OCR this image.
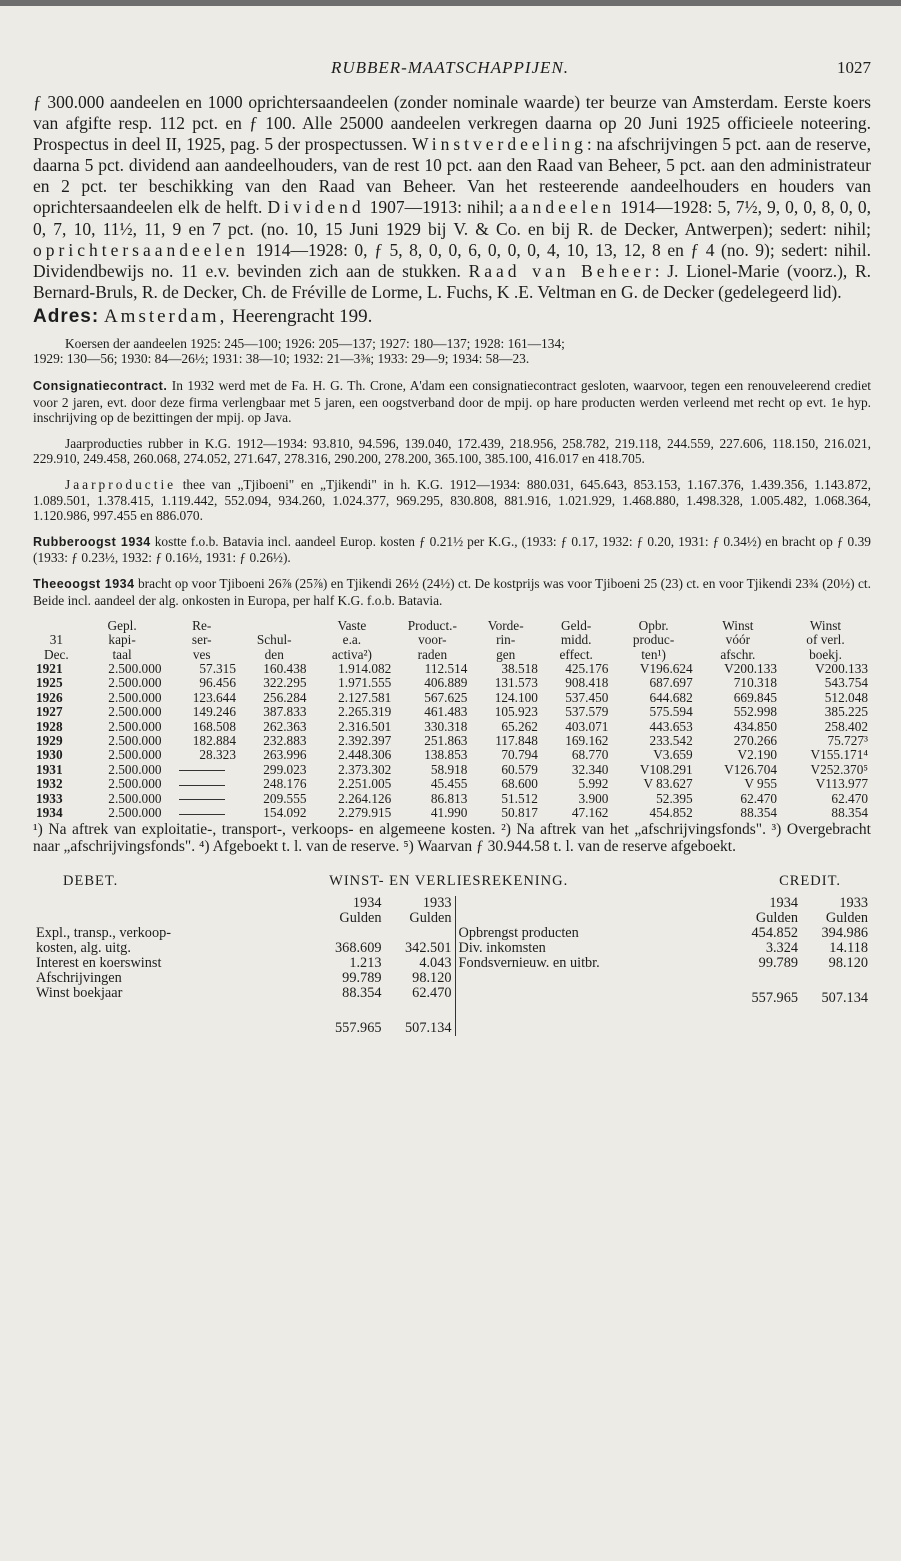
RUBBER-MAATSCHAPPIJEN.	1027

ƒ 300.000 aandeelen en 1000 oprichtersaandeelen (zonder nominale waarde) ter beurze van Amsterdam. Eerste koers van afgifte resp. 112 pct. en ƒ 100. Alle 25000 aandeelen verkregen daarna op 20 Juni 1925 officieele noteering. Prospectus in deel II, 1925, pag. 5 der prospectussen. Winstverdeeling: na afschrijvingen 5 pct. aan de reserve, daarna 5 pct. dividend aan aandeelhouders, van de rest 10 pct. aan den Raad van Beheer, 5 pct. aan den administrateur en 2 pct. ter beschikking van den Raad van Beheer. Van het resteerende aandeelhouders en houders van oprichtersaandeelen elk de helft. Dividend 1907—1913: nihil; aandeelen 1914—1928: 5, 7½, 9, 0, 0, 8, 0, 0, 0, 7, 10, 11½, 11, 9 en 7 pct. (no. 10, 15 Juni 1929 bij V. & Co. en bij R. de Decker, Antwerpen); sedert: nihil; oprichtersaandeelen 1914—1928: 0, ƒ 5, 8, 0, 0, 6, 0, 0, 0, 4, 10, 13, 12, 8 en ƒ 4 (no. 9); sedert: nihil. Dividendbewijs no. 11 e.v. bevinden zich aan de stukken. Raad van Beheer: J. Lionel-Marie (voorz.), R. Bernard-Bruls, R. de Decker, Ch. de Fréville de Lorme, L. Fuchs, K .E. Veltman en G. de Decker (gedelegeerd lid).

Adres: Amsterdam, Heerengracht 199.

Koersen der aandeelen 1925: 245—100; 1926: 205—137; 1927: 180—137; 1928: 161—134;
1929: 130—56; 1930: 84—26½; 1931: 38—10; 1932: 21—3⅜; 1933: 29—9; 1934: 58—23.

Consignatiecontract. In 1932 werd met de Fa. H. G. Th. Crone, A'dam een consignatiecontract gesloten, waarvoor, tegen een renouveleerend crediet voor 2 jaren, evt. door deze firma verlengbaar met 5 jaren, een oogstverband door de mpij. op hare producten werden verleend met recht op evt. 1e hyp. inschrijving op de bezittingen der mpij. op Java.

Jaarproducties rubber in K.G. 1912—1934: 93.810, 94.596, 139.040, 172.439, 218.956, 258.782, 219.118, 244.559, 227.606, 118.150, 216.021, 229.910, 249.458, 260.068, 274.052, 271.647, 278.316, 290.200, 278.200, 365.100, 385.100, 416.017 en 418.705.

Jaarproductie thee van „Tjiboeni" en „Tjikendi" in h. K.G. 1912—1934: 880.031, 645.643, 853.153, 1.167.376, 1.439.356, 1.143.872, 1.089.501, 1.378.415, 1.119.442, 552.094, 934.260, 1.024.377, 969.295, 830.808, 881.916, 1.021.929, 1.468.880, 1.498.328, 1.005.482, 1.068.364, 1.120.986, 997.455 en 886.070.

Rubberoogst 1934 kostte f.o.b. Batavia incl. aandeel Europ. kosten ƒ 0.21½ per K.G., (1933: ƒ 0.17, 1932: ƒ 0.20, 1931: ƒ 0.34½) en bracht op ƒ 0.39 (1933: ƒ 0.23½, 1932: ƒ 0.16½, 1931: ƒ 0.26½).

Theeoogst 1934 bracht op voor Tjiboeni 26⅞ (25⅞) en Tjikendi 26½ (24½) ct. De kostprijs was voor Tjiboeni 25 (23) ct. en voor Tjikendi 23¾ (20½) ct. Beide incl. aandeel der alg. onkosten in Europa, per half K.G. f.o.b. Batavia.

	Gepl.	Re-		Vaste	Product.-	Vorde-	Geld-	Opbr.	Winst	Winst
31	kapi-	ser-	Schul-	e.a.	voor-	rin-	midd.	produc-	vóór	of verl.
Dec.	taal	ves	den	activa²)	raden	gen	effect.	ten¹)	afschr.	boekj.
1921	2.500.000	57.315	160.438	1.914.082	112.514	38.518	425.176	V196.624	V200.133	V200.133
1925	2.500.000	96.456	322.295	1.971.555	406.889	131.573	908.418	687.697	710.318	543.754
1926	2.500.000	123.644	256.284	2.127.581	567.625	124.100	537.450	644.682	669.845	512.048
1927	2.500.000	149.246	387.833	2.265.319	461.483	105.923	537.579	575.594	552.998	385.225
1928	2.500.000	168.508	262.363	2.316.501	330.318	65.262	403.071	443.653	434.850	258.402
1929	2.500.000	182.884	232.883	2.392.397	251.863	117.848	169.162	233.542	270.266	75.727³
1930	2.500.000	28.323	263.996	2.448.306	138.853	70.794	68.770	V3.659	V2.190	V155.171⁴
1931	2.500.000		299.023	2.373.302	58.918	60.579	32.340	V108.291	V126.704	V252.370⁵
1932	2.500.000		248.176	2.251.005	45.455	68.600	5.992	V 83.627	V 955	V113.977
1933	2.500.000		209.555	2.264.126	86.813	51.512	3.900	52.395	62.470	62.470
1934	2.500.000		154.092	2.279.915	41.990	50.817	47.162	454.852	88.354	88.354

¹) Na aftrek van exploitatie-, transport-, verkoops- en algemeene kosten. ²) Na aftrek van het „afschrijvingsfonds". ³) Overgebracht naar „afschrijvingsfonds". ⁴) Afgeboekt t. l. van de reserve. ⁵) Waarvan ƒ 30.944.58 t. l. van de reserve afgeboekt.

DEBET.	WINST- EN VERLIESREKENING.	CREDIT.
	1934	1933
	Gulden	Gulden
Expl., transp., verkoop-		
kosten, alg. uitg.	368.609	342.501
Interest en koerswinst	1.213	4.043
Afschrijvingen	99.789	98.120
Winst boekjaar	88.354	62.470
	557.965	507.134
	1934	1933
	Gulden	Gulden
Opbrengst producten	454.852	394.986
Div. inkomsten	3.324	14.118
Fondsvernieuw. en uitbr.	99.789	98.120
	557.965	507.134
